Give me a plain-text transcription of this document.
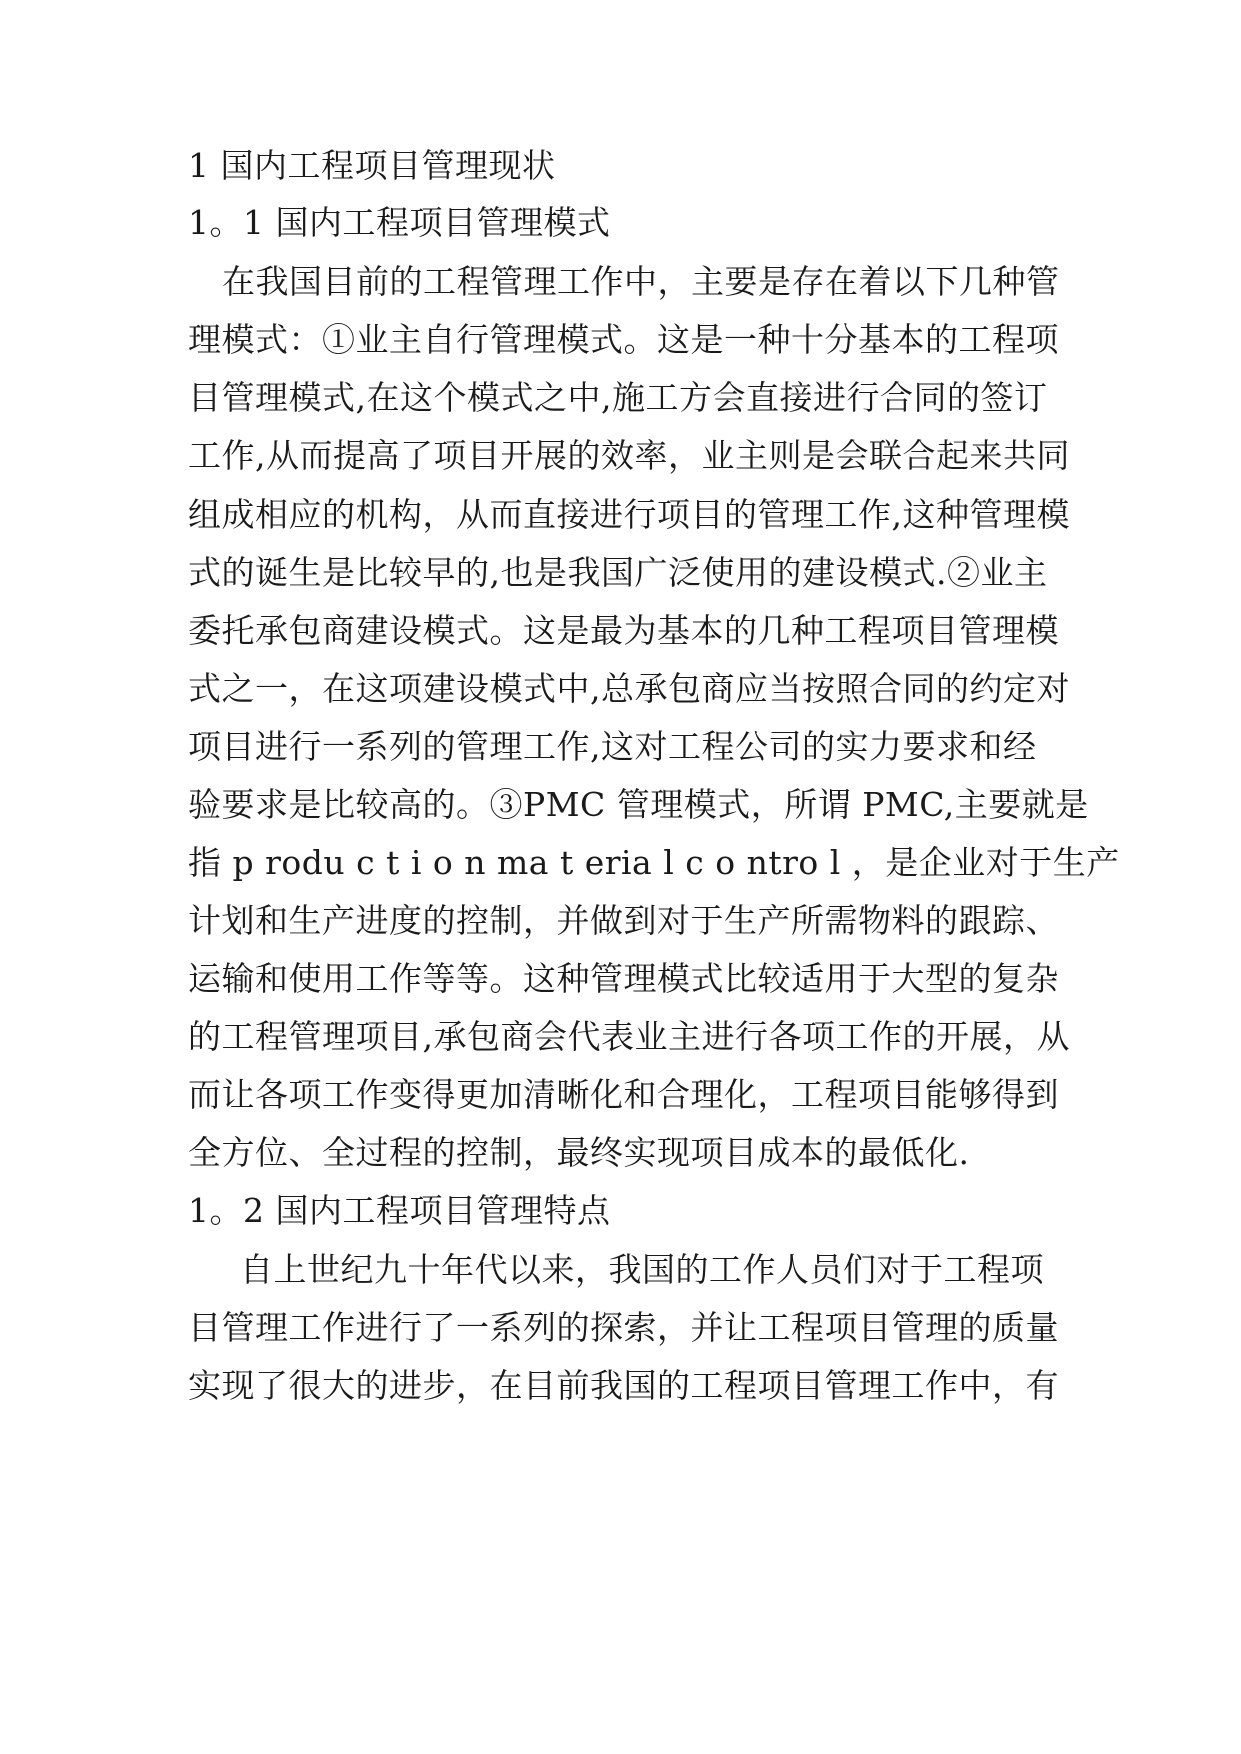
1 国内工程项目管理现状
1。1 国内工程项目管理模式
在我国目前的工程管理工作中，主要是存在着以下几种管
理模式：①业主自行管理模式。这是一种十分基本的工程项
目管理模式,在这个模式之中,施工方会直接进行合同的签订
工作,从而提高了项目开展的效率，业主则是会联合起来共同
组成相应的机构，从而直接进行项目的管理工作,这种管理模
式的诞生是比较早的,也是我国广泛使用的建设模式.②业主
委托承包商建设模式。这是最为基本的几种工程项目管理模
式之一，在这项建设模式中,总承包商应当按照合同的约定对
项目进行一系列的管理工作,这对工程公司的实力要求和经
验要求是比较高的。③PMC 管理模式，所谓 PMC,主要就是
指 p rodu c t i o n ma t eria l c o ntro l ，是企业对于生产
计划和生产进度的控制，并做到对于生产所需物料的跟踪、
运输和使用工作等等。这种管理模式比较适用于大型的复杂
的工程管理项目,承包商会代表业主进行各项工作的开展，从
而让各项工作变得更加清晰化和合理化，工程项目能够得到
全方位、全过程的控制，最终实现项目成本的最低化.
1。2 国内工程项目管理特点
自上世纪九十年代以来，我国的工作人员们对于工程项
目管理工作进行了一系列的探索，并让工程项目管理的质量
实现了很大的进步，在目前我国的工程项目管理工作中，有
